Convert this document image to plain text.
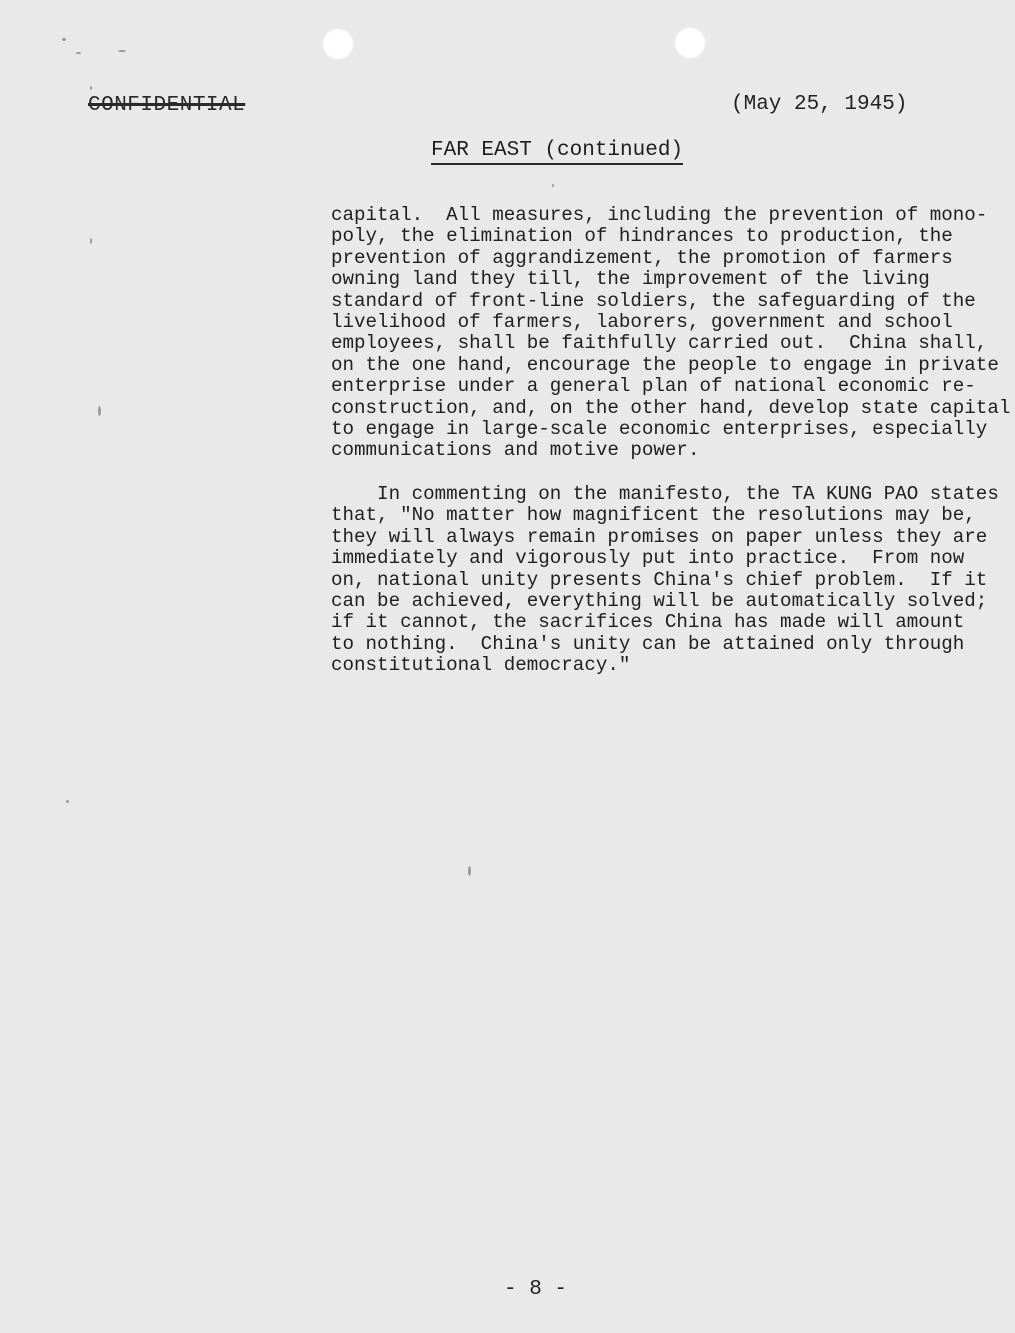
CONFIDENTIAL	(May 25, 1945)
FAR EAST (continued)
capital.  All measures, including the prevention of mono-
poly, the elimination of hindrances to production, the
prevention of aggrandizement, the promotion of farmers
owning land they till, the improvement of the living
standard of front-line soldiers, the safeguarding of the
livelihood of farmers, laborers, government and school
employees, shall be faithfully carried out.  China shall,
on the one hand, encourage the people to engage in private
enterprise under a general plan of national economic re-
construction, and, on the other hand, develop state capital
to engage in large-scale economic enterprises, especially
communications and motive power.
In commenting on the manifesto, the TA KUNG PAO states
that, "No matter how magnificent the resolutions may be,
they will always remain promises on paper unless they are
immediately and vigorously put into practice.  From now
on, national unity presents China's chief problem.  If it
can be achieved, everything will be automatically solved;
if it cannot, the sacrifices China has made will amount
to nothing.  China's unity can be attained only through
constitutional democracy."
- 8 -
